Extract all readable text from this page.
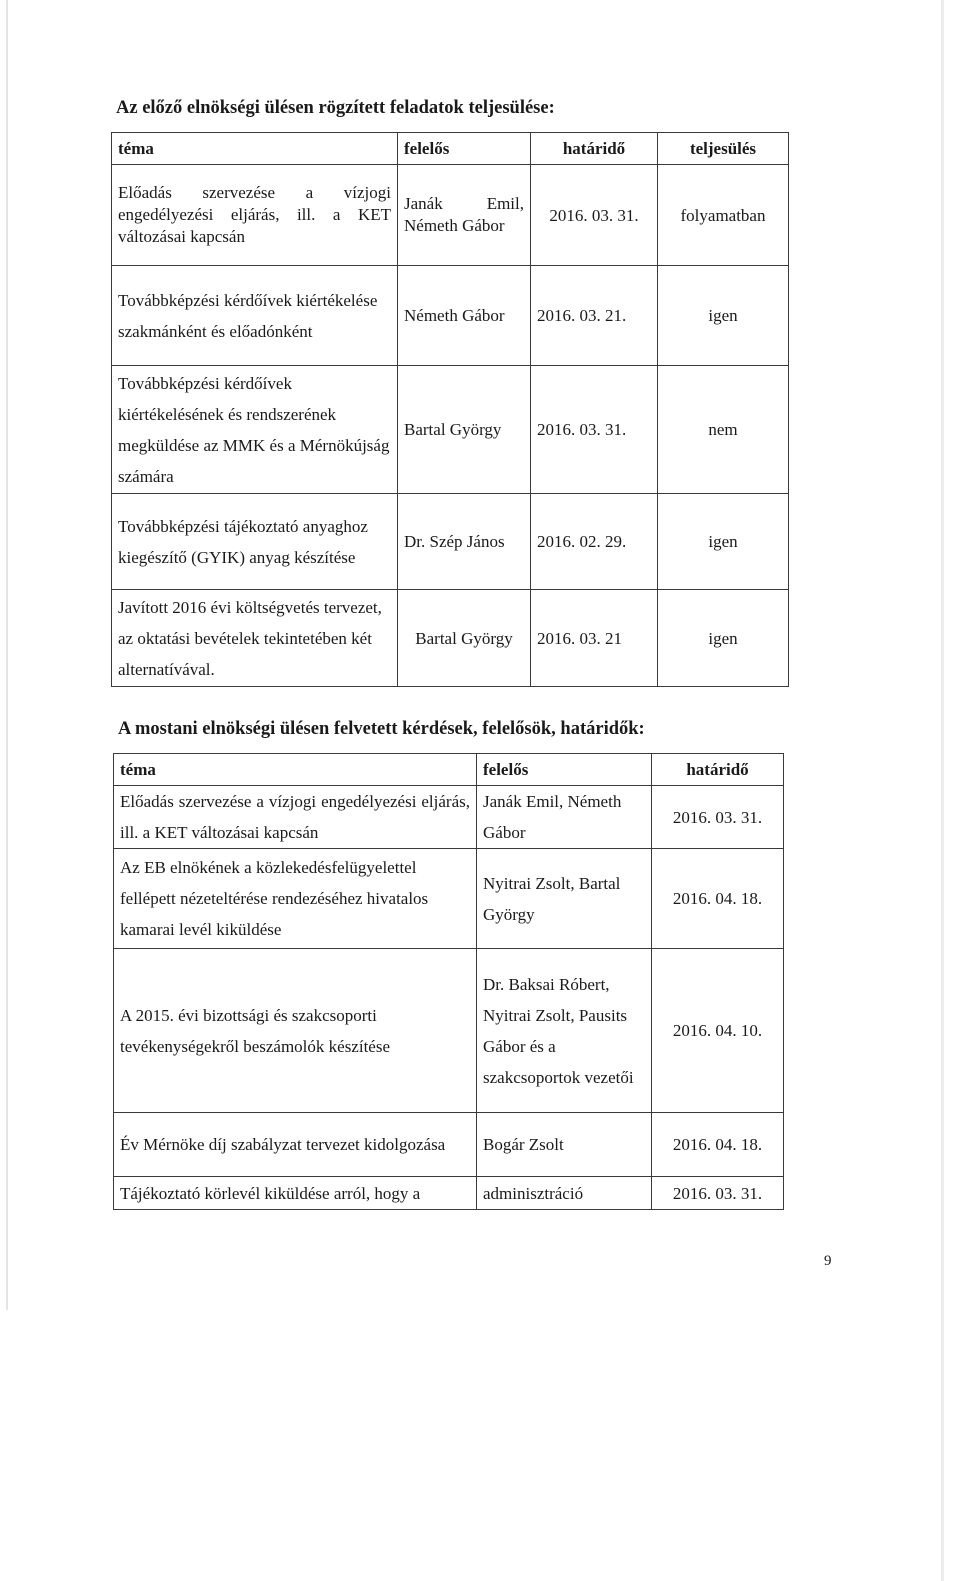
Az előző elnökségi ülésen rögzített feladatok teljesülése:
téma	felelős	határidő	teljesülés
Előadás szervezése a vízjogi engedélyezési eljárás, ill. a KET változásai kapcsán	Janák Emil, Németh Gábor	2016. 03. 31.	folyamatban
Továbbképzési kérdőívek kiértékelése szakmánként és előadónként	Németh Gábor	2016. 03. 21.	igen
Továbbképzési kérdőívek kiértékelésének és rendszerének megküldése az MMK és a Mérnökújság számára	Bartal György	2016. 03. 31.	nem
Továbbképzési tájékoztató anyaghoz kiegészítő (GYIK) anyag készítése	Dr. Szép János	2016. 02. 29.	igen
Javított 2016 évi költségvetés tervezet, az oktatási bevételek tekintetében két alternatívával.	Bartal György	2016. 03. 21	igen
A mostani elnökségi ülésen felvetett kérdések, felelősök, határidők:
téma	felelős	határidő
Előadás szervezése a vízjogi engedélyezési eljárás, ill. a KET változásai kapcsán	Janák Emil, Németh Gábor	2016. 03. 31.
Az EB elnökének a közlekedésfelügyelettel fellépett nézeteltérése rendezéséhez hivatalos kamarai levél kiküldése	Nyitrai Zsolt, Bartal György	2016. 04. 18.
A 2015. évi bizottsági és szakcsoporti tevékenységekről beszámolók készítése	Dr. Baksai Róbert, Nyitrai Zsolt, Pausits Gábor és a szakcsoportok vezetői	2016. 04. 10.
Év Mérnöke díj szabályzat tervezet kidolgozása	Bogár Zsolt	2016. 04. 18.
Tájékoztató körlevél kiküldése arról, hogy a	adminisztráció	2016. 03. 31.
9
